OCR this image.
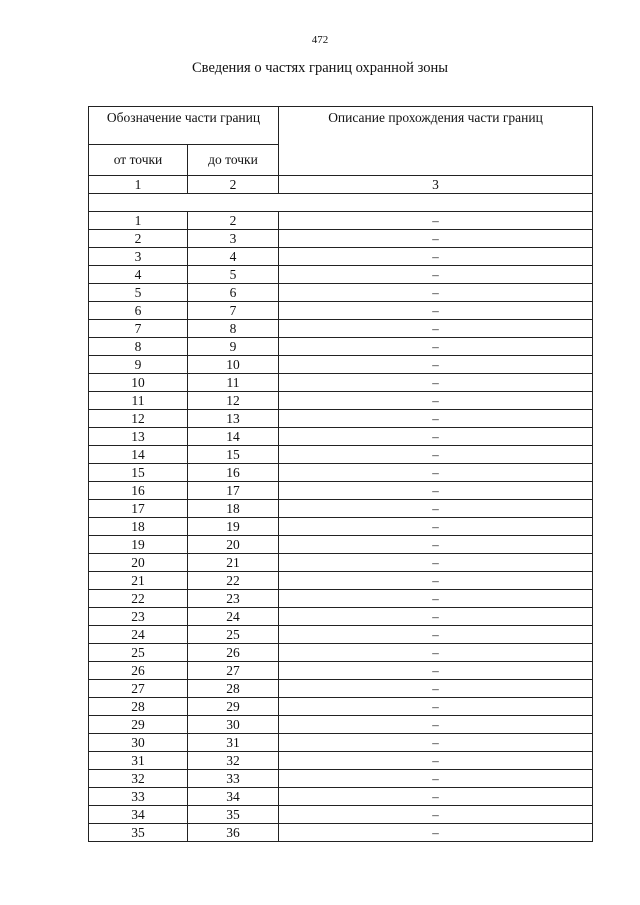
472
Сведения о частях границ охранной зоны
Обозначение части границ		Описание прохождения части границ
от точки	до точки	
1	2	3

1	2	–
2	3	–
3	4	–
4	5	–
5	6	–
6	7	–
7	8	–
8	9	–
9	10	–
10	11	–
11	12	–
12	13	–
13	14	–
14	15	–
15	16	–
16	17	–
17	18	–
18	19	–
19	20	–
20	21	–
21	22	–
22	23	–
23	24	–
24	25	–
25	26	–
26	27	–
27	28	–
28	29	–
29	30	–
30	31	–
31	32	–
32	33	–
33	34	–
34	35	–
35	36	–
